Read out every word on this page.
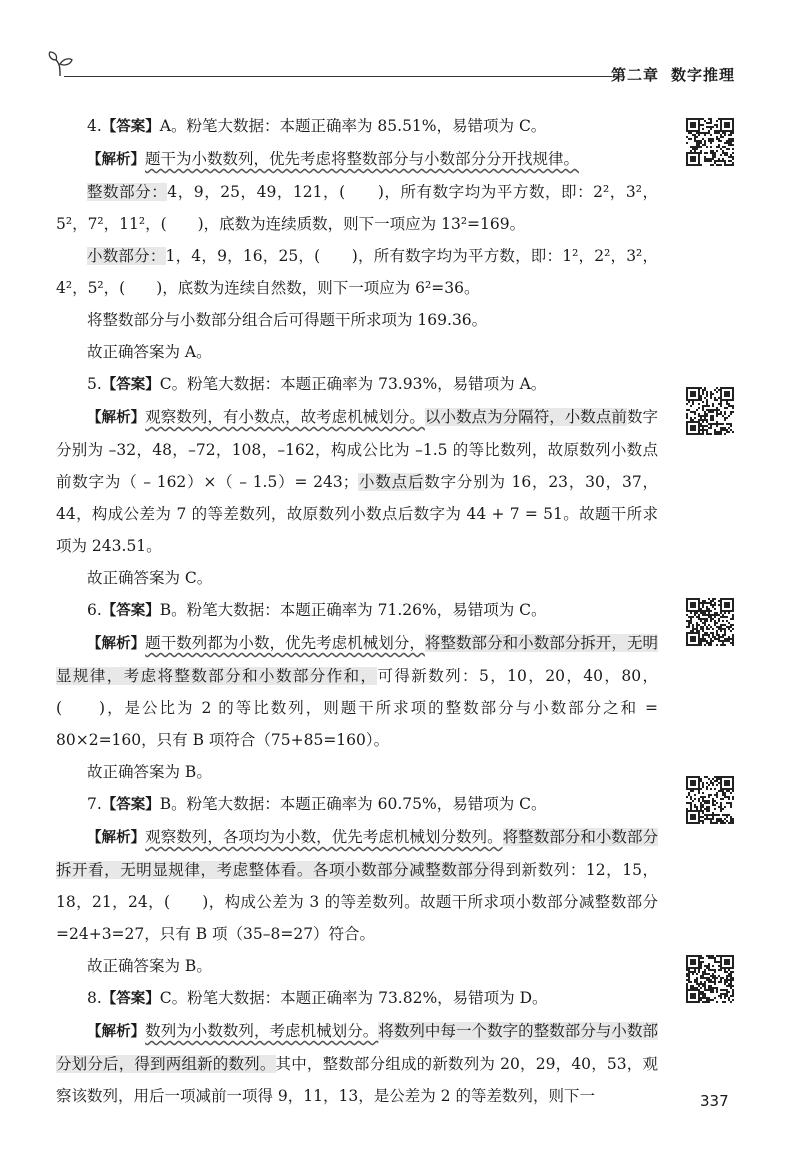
第二章 数字推理

4.【答案】A。粉笔大数据：本题正确率为 85.51%，易错项为 C。

【解析】题干为小数数列，优先考虑将整数部分与小数部分分开找规律。

整数部分：4，9，25，49，121，(　　)，所有数字均为平方数，即：2²，3²，5²，7²，11²，(　　)，底数为连续质数，则下一项应为 13²=169。

小数部分：1，4，9，16，25，(　　)，所有数字均为平方数，即：1²，2²，3²，4²，5²，(　　)，底数为连续自然数，则下一项应为 6²=36。

将整数部分与小数部分组合后可得题干所求项为 169.36。

故正确答案为 A。

5.【答案】C。粉笔大数据：本题正确率为 73.93%，易错项为 A。

【解析】观察数列，有小数点，故考虑机械划分。以小数点为分隔符，小数点前数字分别为 –32，48，–72，108，–162，构成公比为 –1.5 的等比数列，故原数列小数点前数字为（ – 162）×（ – 1.5）= 243；小数点后数字分别为 16，23，30，37，44，构成公差为 7 的等差数列，故原数列小数点后数字为 44 + 7 = 51。故题干所求项为 243.51。

故正确答案为 C。

6.【答案】B。粉笔大数据：本题正确率为 71.26%，易错项为 C。

【解析】题干数列都为小数，优先考虑机械划分，将整数部分和小数部分拆开，无明显规律，考虑将整数部分和小数部分作和，可得新数列：5，10，20，40，80，(　　)，是公比为 2 的等比数列，则题干所求项的整数部分与小数部分之和 = 80×2=160，只有 B 项符合（75+85=160）。

故正确答案为 B。

7.【答案】B。粉笔大数据：本题正确率为 60.75%，易错项为 C。

【解析】观察数列，各项均为小数，优先考虑机械划分数列。将整数部分和小数部分拆开看，无明显规律，考虑整体看。各项小数部分减整数部分得到新数列：12，15，18，21，24，(　　)，构成公差为 3 的等差数列。故题干所求项小数部分减整数部分 =24+3=27，只有 B 项（35–8=27）符合。

故正确答案为 B。

8.【答案】C。粉笔大数据：本题正确率为 73.82%，易错项为 D。

【解析】数列为小数数列，考虑机械划分。将数列中每一个数字的整数部分与小数部分划分后，得到两组新的数列。其中，整数部分组成的新数列为 20，29，40，53，观察该数列，用后一项减前一项得 9，11，13，是公差为 2 的等差数列，则下一	337
